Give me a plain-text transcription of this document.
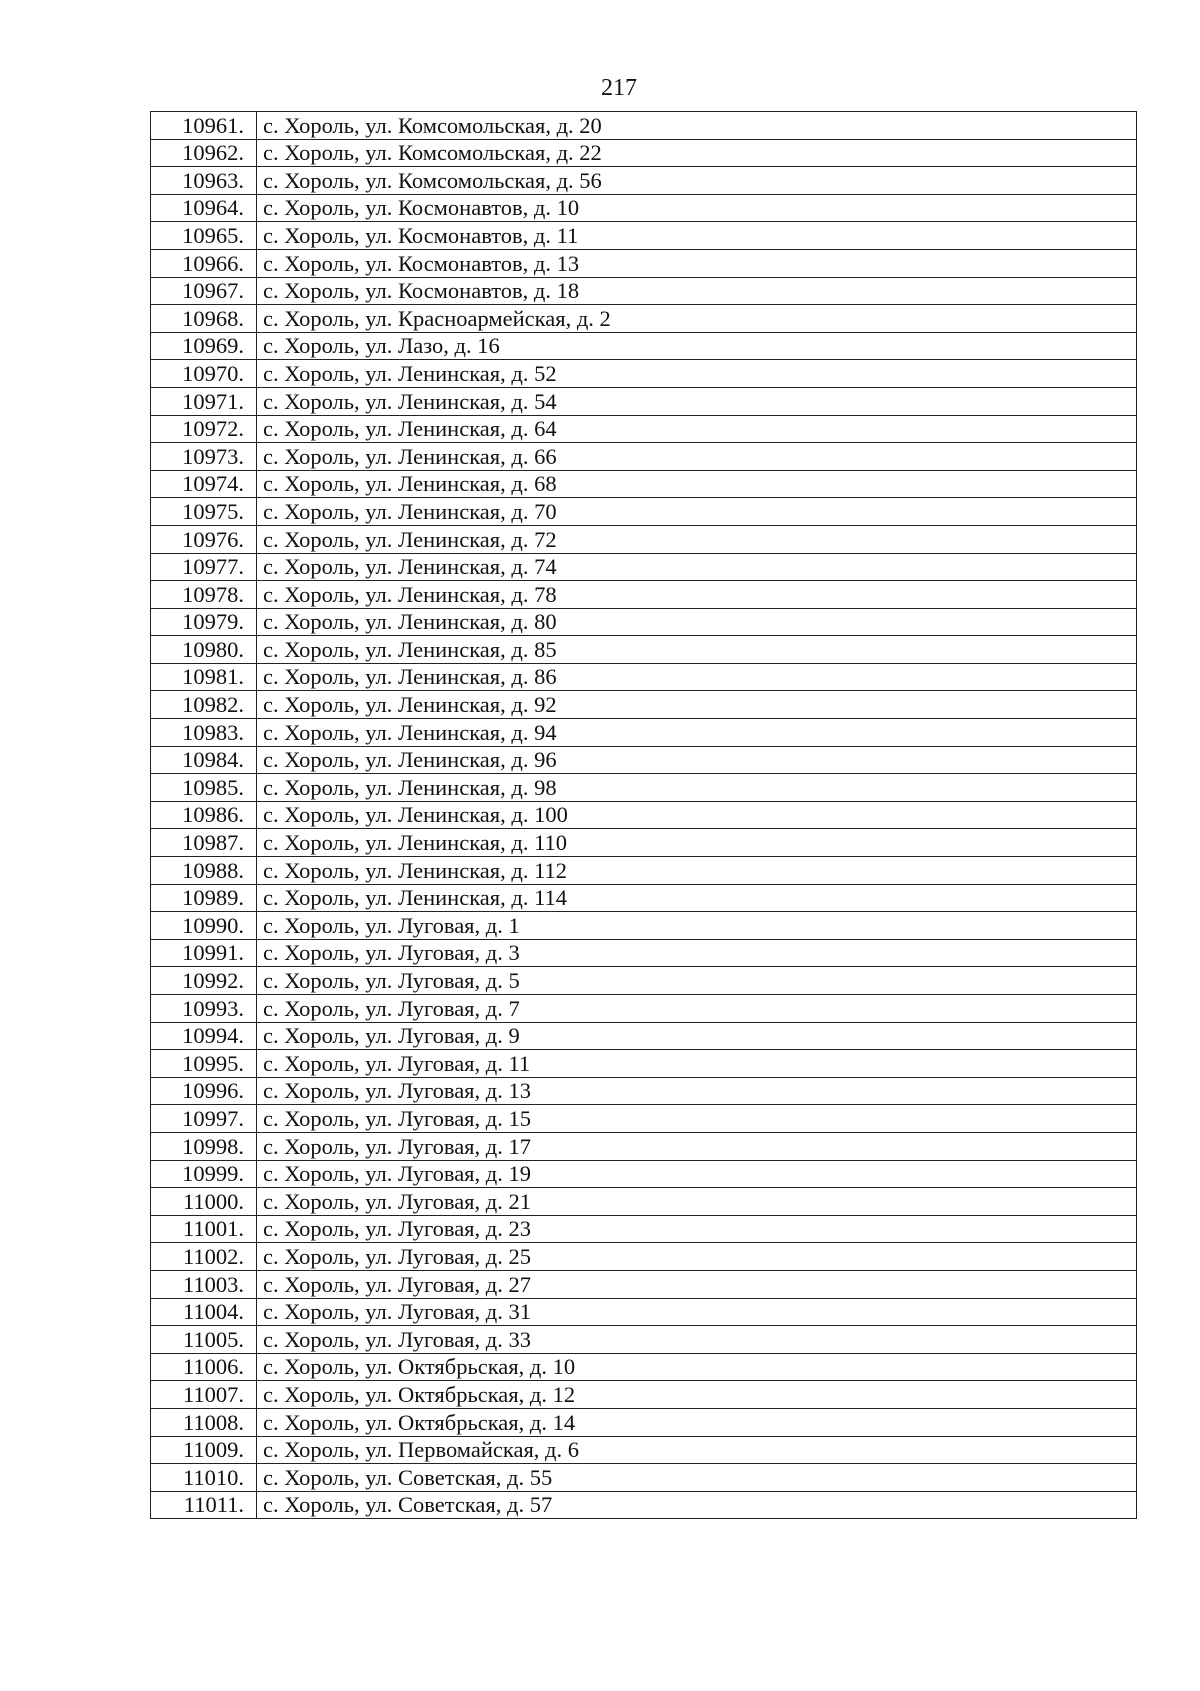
217
10961.	с. Хороль, ул. Комсомольская, д. 20
10962.	с. Хороль, ул. Комсомольская, д. 22
10963.	с. Хороль, ул. Комсомольская, д. 56
10964.	с. Хороль, ул. Космонавтов, д. 10
10965.	с. Хороль, ул. Космонавтов, д. 11
10966.	с. Хороль, ул. Космонавтов, д. 13
10967.	с. Хороль, ул. Космонавтов, д. 18
10968.	с. Хороль, ул. Красноармейская, д. 2
10969.	с. Хороль, ул. Лазо, д. 16
10970.	с. Хороль, ул. Ленинская, д. 52
10971.	с. Хороль, ул. Ленинская, д. 54
10972.	с. Хороль, ул. Ленинская, д. 64
10973.	с. Хороль, ул. Ленинская, д. 66
10974.	с. Хороль, ул. Ленинская, д. 68
10975.	с. Хороль, ул. Ленинская, д. 70
10976.	с. Хороль, ул. Ленинская, д. 72
10977.	с. Хороль, ул. Ленинская, д. 74
10978.	с. Хороль, ул. Ленинская, д. 78
10979.	с. Хороль, ул. Ленинская, д. 80
10980.	с. Хороль, ул. Ленинская, д. 85
10981.	с. Хороль, ул. Ленинская, д. 86
10982.	с. Хороль, ул. Ленинская, д. 92
10983.	с. Хороль, ул. Ленинская, д. 94
10984.	с. Хороль, ул. Ленинская, д. 96
10985.	с. Хороль, ул. Ленинская, д. 98
10986.	с. Хороль, ул. Ленинская, д. 100
10987.	с. Хороль, ул. Ленинская, д. 110
10988.	с. Хороль, ул. Ленинская, д. 112
10989.	с. Хороль, ул. Ленинская, д. 114
10990.	с. Хороль, ул. Луговая, д. 1
10991.	с. Хороль, ул. Луговая, д. 3
10992.	с. Хороль, ул. Луговая, д. 5
10993.	с. Хороль, ул. Луговая, д. 7
10994.	с. Хороль, ул. Луговая, д. 9
10995.	с. Хороль, ул. Луговая, д. 11
10996.	с. Хороль, ул. Луговая, д. 13
10997.	с. Хороль, ул. Луговая, д. 15
10998.	с. Хороль, ул. Луговая, д. 17
10999.	с. Хороль, ул. Луговая, д. 19
11000.	с. Хороль, ул. Луговая, д. 21
11001.	с. Хороль, ул. Луговая, д. 23
11002.	с. Хороль, ул. Луговая, д. 25
11003.	с. Хороль, ул. Луговая, д. 27
11004.	с. Хороль, ул. Луговая, д. 31
11005.	с. Хороль, ул. Луговая, д. 33
11006.	с. Хороль, ул. Октябрьская, д. 10
11007.	с. Хороль, ул. Октябрьская, д. 12
11008.	с. Хороль, ул. Октябрьская, д. 14
11009.	с. Хороль, ул. Первомайская, д. 6
11010.	с. Хороль, ул. Советская, д. 55
11011.	с. Хороль, ул. Советская, д. 57
